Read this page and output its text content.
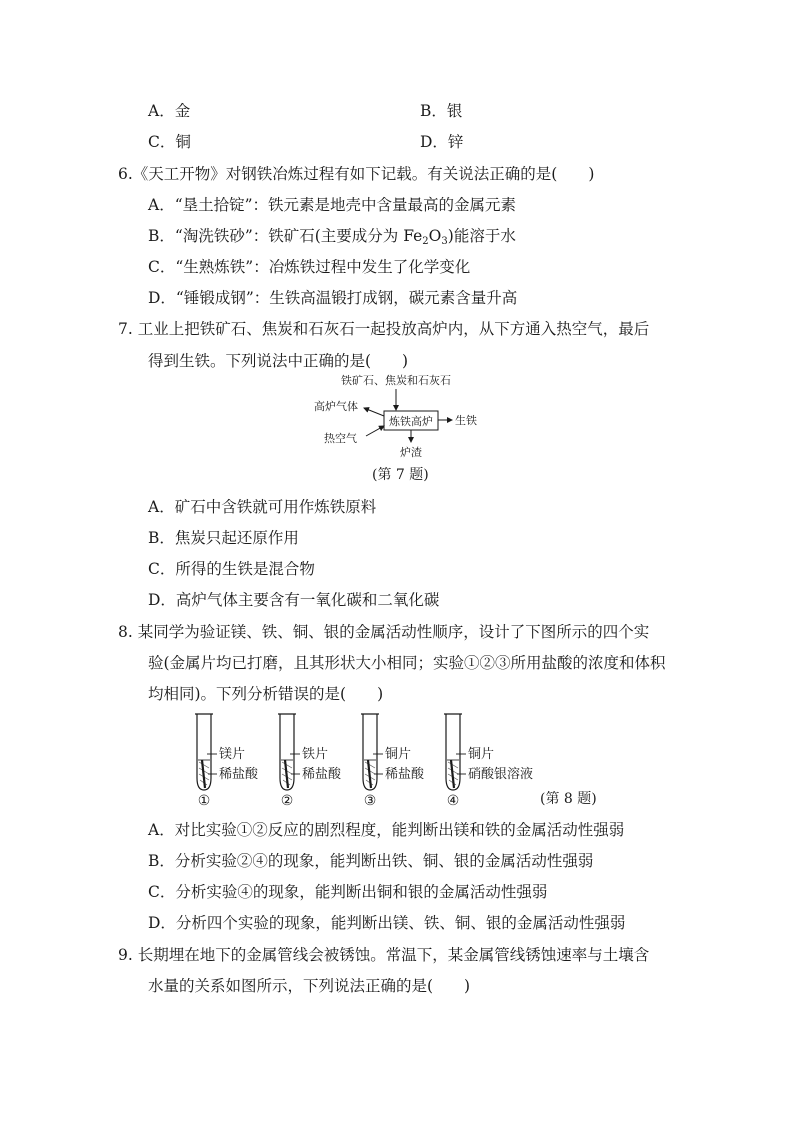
A．金	B．银
C．铜	D．锌
6.《天工开物》对钢铁冶炼过程有如下记载。有关说法正确的是(　　)
A．“垦土拾锭”：铁元素是地壳中含量最高的金属元素
B．“淘洗铁砂”：铁矿石(主要成分为 $Fe_2O_3$)能溶于水
C．“生熟炼铁”：冶炼铁过程中发生了化学变化
D．“锤锻成钢”：生铁高温锻打成钢，碳元素含量升高
7. 工业上把铁矿石、焦炭和石灰石一起投放高炉内，从下方通入热空气，最后
得到生铁。下列说法中正确的是(　　)
铁矿石、焦炭和石灰石
炼铁高炉
高炉气体
热空气
生铁
炉渣
(第 7 题)
A．矿石中含铁就可用作炼铁原料
B．焦炭只起还原作用
C．所得的生铁是混合物
D．高炉气体主要含有一氧化碳和二氧化碳
8. 某同学为验证镁、铁、铜、银的金属活动性顺序，设计了下图所示的四个实
验(金属片均已打磨，且其形状大小相同；实验①②③所用盐酸的浓度和体积
均相同)。下列分析错误的是(　　)
镁片
稀盐酸
①
铁片
稀盐酸
②
铜片
稀盐酸
③
铜片
硝酸银溶液
④	(第 8 题)
A．对比实验①②反应的剧烈程度，能判断出镁和铁的金属活动性强弱
B．分析实验②④的现象，能判断出铁、铜、银的金属活动性强弱
C．分析实验④的现象，能判断出铜和银的金属活动性强弱
D．分析四个实验的现象，能判断出镁、铁、铜、银的金属活动性强弱
9. 长期埋在地下的金属管线会被锈蚀。常温下，某金属管线锈蚀速率与土壤含
水量的关系如图所示，下列说法正确的是(　　)
